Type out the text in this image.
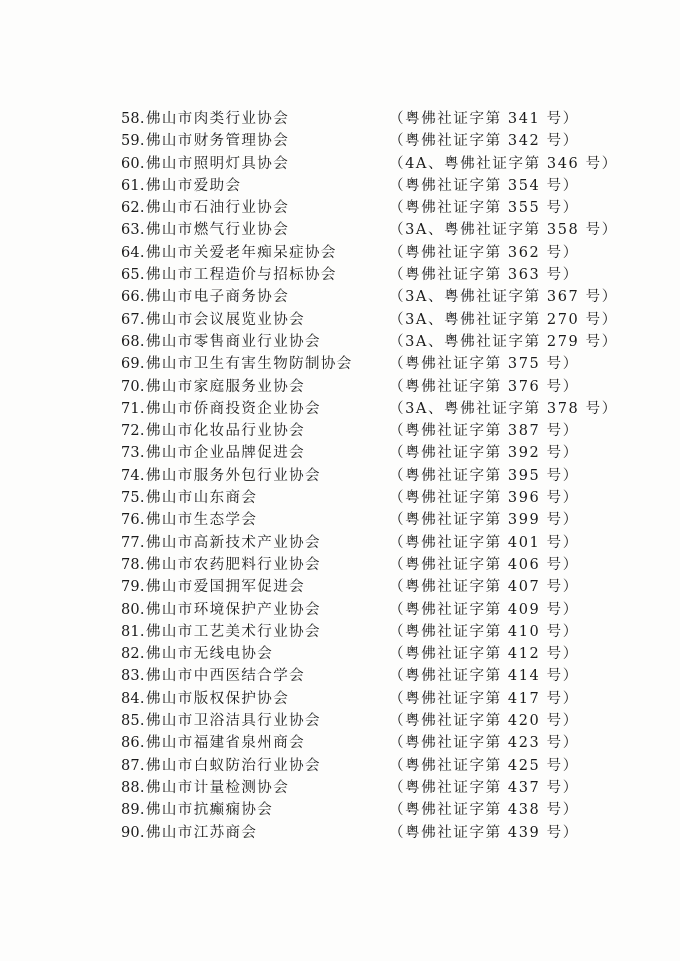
58. 佛山市肉类行业协会	（粤佛社证字第 341 号）
59. 佛山市财务管理协会	（粤佛社证字第 342 号）
60. 佛山市照明灯具协会	（4A、粤佛社证字第 346 号）
61. 佛山市爱助会	（粤佛社证字第 354 号）
62. 佛山市石油行业协会	（粤佛社证字第 355 号）
63. 佛山市燃气行业协会	（3A、粤佛社证字第 358 号）
64. 佛山市关爱老年痴呆症协会	（粤佛社证字第 362 号）
65. 佛山市工程造价与招标协会	（粤佛社证字第 363 号）
66. 佛山市电子商务协会	（3A、粤佛社证字第 367 号）
67. 佛山市会议展览业协会	（3A、粤佛社证字第 270 号）
68. 佛山市零售商业行业协会	（3A、粤佛社证字第 279 号）
69. 佛山市卫生有害生物防制协会	（粤佛社证字第 375 号）
70. 佛山市家庭服务业协会	（粤佛社证字第 376 号）
71. 佛山市侨商投资企业协会	（3A、粤佛社证字第 378 号）
72. 佛山市化妆品行业协会	（粤佛社证字第 387 号）
73. 佛山市企业品牌促进会	（粤佛社证字第 392 号）
74. 佛山市服务外包行业协会	（粤佛社证字第 395 号）
75. 佛山市山东商会	（粤佛社证字第 396 号）
76. 佛山市生态学会	（粤佛社证字第 399 号）
77. 佛山市高新技术产业协会	（粤佛社证字第 401 号）
78. 佛山市农药肥料行业协会	（粤佛社证字第 406 号）
79. 佛山市爱国拥军促进会	（粤佛社证字第 407 号）
80. 佛山市环境保护产业协会	（粤佛社证字第 409 号）
81. 佛山市工艺美术行业协会	（粤佛社证字第 410 号）
82. 佛山市无线电协会	（粤佛社证字第 412 号）
83. 佛山市中西医结合学会	（粤佛社证字第 414 号）
84. 佛山市版权保护协会	（粤佛社证字第 417 号）
85. 佛山市卫浴洁具行业协会	（粤佛社证字第 420 号）
86. 佛山市福建省泉州商会	（粤佛社证字第 423 号）
87. 佛山市白蚁防治行业协会	（粤佛社证字第 425 号）
88. 佛山市计量检测协会	（粤佛社证字第 437 号）
89. 佛山市抗癫痫协会	（粤佛社证字第 438 号）
90. 佛山市江苏商会	（粤佛社证字第 439 号）
